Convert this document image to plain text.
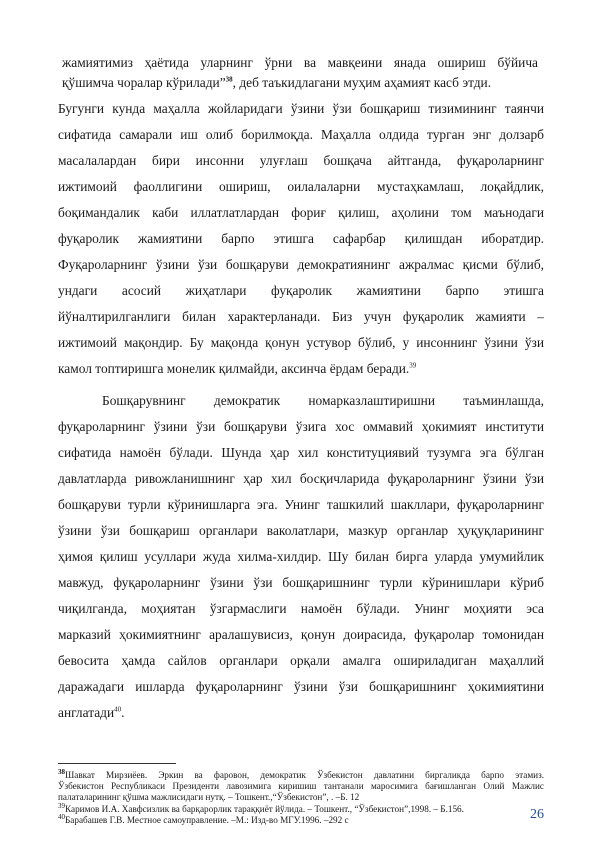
жамиятимиз ҳаётида уларнинг ўрни ва мавқеини янада ошириш бўйича
қўшимча чоралар кўрилади”$^{38}$, деб таъкидлагани муҳим аҳамият касб этди.
Бугунги кунда маҳалла жойларидаги ўзини ўзи бошқариш тизимининг таянчи
сифатида самарали иш олиб борилмоқда. Маҳалла олдида турган энг долзарб
масалалардан бири инсонни улуғлаш бошқача айтганда, фуқароларнинг
ижтимоий фаоллигини ошириш, оилалаларни мустаҳкамлаш, лоқайдлик,
боқимандалик каби иллатлатлардан фориғ қилиш, аҳолини том маънодаги
фуқаролик жамиятини барпо этишга сафарбар қилишдан иборатдир.
Фуқароларнинг ўзини ўзи бошқаруви демократиянинг ажралмас қисми бўлиб,
ундаги асосий жиҳатлари фуқаролик жамиятини барпо этишга
йўналтирилганлиги билан характерланади. Биз учун фуқаролик жамияти –
ижтимоий мақондир. Бу мақонда қонун устувор бўлиб, у инсоннинг ўзини ўзи
камол топтиришга монелик қилмайди, аксинча ёрдам беради.$^{39}$
Бошқарувнинг демократик номарказлаштиришни таъминлашда,
фуқароларнинг ўзини ўзи бошқаруви ўзига хос оммавий ҳокимият институти
сифатида намоён бўлади. Шунда ҳар хил конституциявий тузумга эга бўлган
давлатларда ривожланишнинг ҳар хил босқичларида фуқароларнинг ўзини ўзи
бошқаруви турли кўринишларга эга. Унинг ташкилий шакллари, фуқароларнинг
ўзини ўзи бошқариш органлари ваколатлари, мазкур органлар ҳуқуқларининг
ҳимоя қилиш усуллари жуда хилма-хилдир. Шу билан бирга уларда умумийлик
мавжуд, фуқароларнинг ўзини ўзи бошқаришнинг турли кўринишлари кўриб
чиқилганда, моҳиятан ўзгармаслиги намоён бўлади. Унинг моҳияти эса
марказий ҳокимиятнинг аралашувисиз, қонун доирасида, фуқаролар томонидан
бевосита ҳамда сайлов органлари орқали амалга ошириладиган маҳаллий
даражадаги ишларда фуқароларнинг ўзини ўзи бошқаришнинг ҳокимиятини
англатади$^{40}$.
$^{38}$Шавкат Мирзиёев. Эркин ва фаровон, демократик Ўзбекистон давлатини биргаликда барпо этамиз.
Ўзбекистон Республикаси Президенти лавозимига киришиш тантанали маросимига бағишланган Олий Мажлис
палаталарининг қўшма мажлисидаги нутқ. – Тошкент.,“Ўзбекистон”, . –Б. 12
$^{39}$Каримов И.А. Хавфсизлик ва барқарорлик тараққиёт йўлида. – Тошкент., “Ўзбекистон”,1998. – Б.156.
$^{40}$Барабашев Г.В. Местное самоуправление. –М.: Изд-во МГУ.1996. –292 с	26
